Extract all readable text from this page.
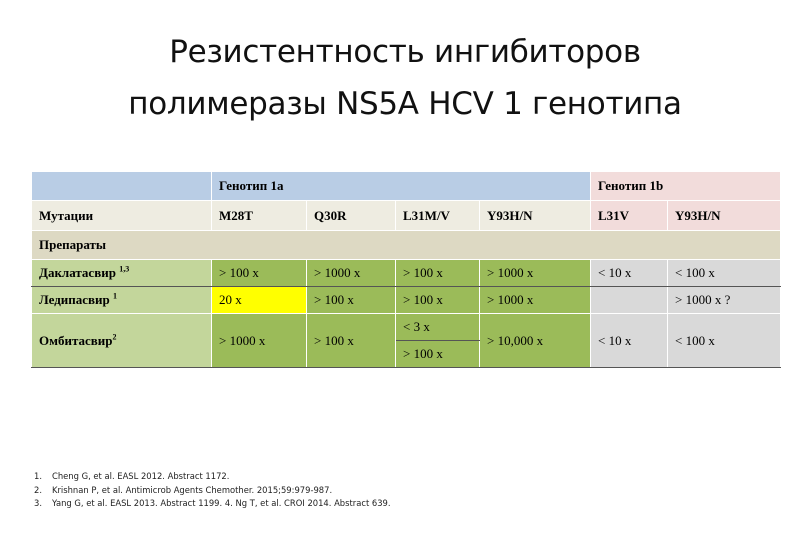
Резистентность ингибиторов
полимеразы NS5A HCV 1 генотипа
	Генотип 1a				Генотип 1b	
Мутации	M28T	Q30R	L31M/V	Y93H/N	L31V	Y93H/N
Препараты						
Даклатасвир $^{1,3}$	> 100 x	> 1000 x	> 100 x	> 1000 x	< 10 x	< 100 x
Ледипасвир $^1$	20 x	> 100 x	> 100 x	> 1000 x		> 1000 x ?
Омбитасвир$^2$	> 1000 x	> 100 x	< 3 x	> 10,000 x	< 10 x	< 100 x
			> 100 x			
1. Cheng G, et al. EASL 2012. Abstract 1172.
2. Krishnan P, et al. Antimicrob Agents Chemother. 2015;59:979-987.
3. Yang G, et al. EASL 2013. Abstract 1199. 4. Ng T, et al. CROI 2014. Abstract 639.
